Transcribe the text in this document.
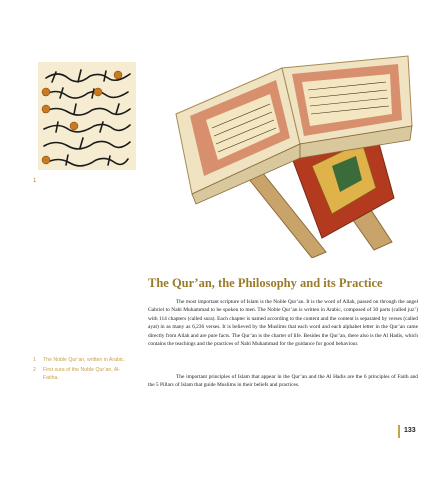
1
The Qur’an, the Philosophy and its Practice

The most important scripture of Islam is the Noble Qur’an. It is the word of Allah, passed on through the angel Gabriel to Nabi Muhammad to be spoken to men. The Noble Qur’an is written in Arabic, composed of 30 parts (called juz’) with 114 chapters (called sura). Each chapter is named according to the content and the content is separated by verses (called ayat) in as many as 6,236 verses. It is believed by the Muslims that each word and each alphabet letter in the Qur’an came directly from Allah and are pure facts. The Qur’an is the charter of life. Besides the Qur’an, there also is the Al Hadis, which contains the teachings and the practices of Nabi Muhammad for the guidance for good behaviour.

The important principles of Islam that appear in the Qur’an and the Al Hadis are the 6 principles of Faith and the 5 Pillars of Islam that guide Muslims in their beliefs and practices.

1	The Noble Qur’an, written in Arabic.
2	First sura of the Noble Qur’an, Al-Fatiha.
133
